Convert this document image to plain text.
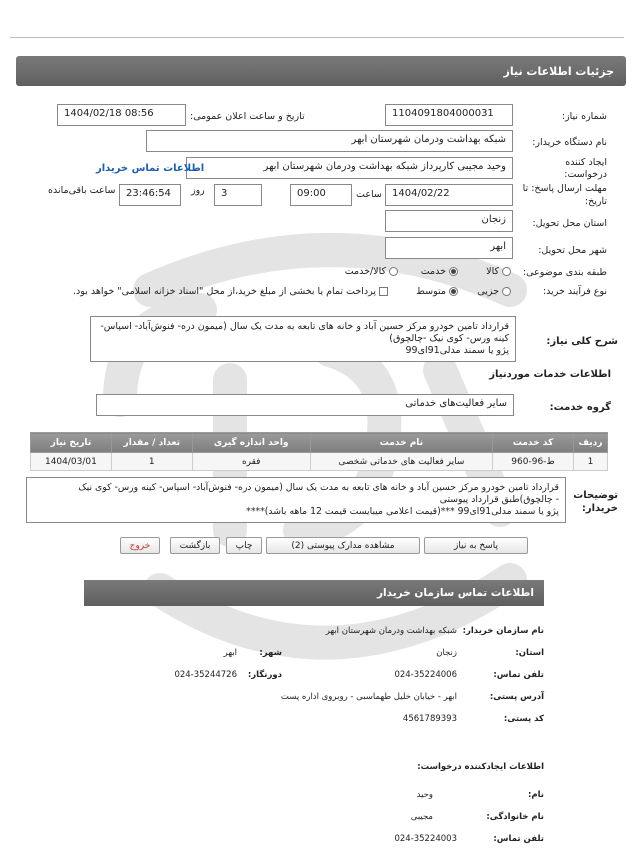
جزئیات اطلاعات نیاز
شماره نیاز:
1104091804000031
تاریخ و ساعت اعلان عمومی:
1404/02/18 08:56
نام دستگاه خریدار:
شبکه بهداشت ودرمان شهرستان ابهر
ایجاد کننده
درخواست:
وحید مجیبی کارپرداز شبکه بهداشت ودرمان شهرستان ابهر
اطلاعات تماس خریدار
مهلت ارسال پاسخ: تا
تاریخ:
1404/02/22
ساعت
09:00
3
روز
23:46:54
ساعت باقی‌مانده
استان محل تحویل:
زنجان
شهر محل تحویل:
ابهر
طبقه بندی موضوعی:
کالا
خدمت
کالا/خدمت
نوع فرآیند خرید:
جزیی
متوسط
پرداخت تمام یا بخشی از مبلغ خرید،از محل "اسناد خزانه اسلامی" خواهد بود.
شرح کلی نیاز:
قرارداد تامین خودرو مرکز حسین آباد و خانه های تابعه به مدت یک سال (میمون دره- فنوش‌آباد- اسپاس-
کینه ورس- کوی نیک -چالچوق)
پژو یا سمند مدلی‌91ای‌99
اطلاعات خدمات موردنیاز
گروه خدمت:
سایر فعالیت‌های خدماتی
ردیف	کد خدمت	نام خدمت	واحد اندازه گیری	تعداد / مقدار	تاریخ نیاز
1	ط-96-960	سایر فعالیت های خدماتی شخصی	فقره	1	1404/03/01
توضیحات
خریدار:
قرارداد تامین خودرو مرکز حسین آباد و خانه های تابعه به مدت یک سال (میمون دره- فنوش‌آباد- اسپاس- کینه ورس- کوی نیک
- چالچوق)طبق قرارداد پیوستی
پژو یا سمند مدلی‌91ای‌99 ***(قیمت اعلامی میبایست قیمت 12 ماهه باشد)****
پاسخ به نیاز
مشاهده مدارک پیوستی (2)
چاپ
بازگشت
خروج
اطلاعات تماس سازمان خریدار
نام سازمان خریدار:
شبکه بهداشت ودرمان شهرستان ابهر
استان:
زنجان
شهر:
ابهر
تلفن تماس:
024-35224006
دورنگار:
024-35244726
آدرس پستی:
ابهر - خیابان خلیل طهماسبی - روبروی اداره پست
کد پستی:
4561789393
اطلاعات ایجادکننده درخواست:
نام:
وحید
نام خانوادگی:
مجیبی
تلفن تماس:
024-35224003
